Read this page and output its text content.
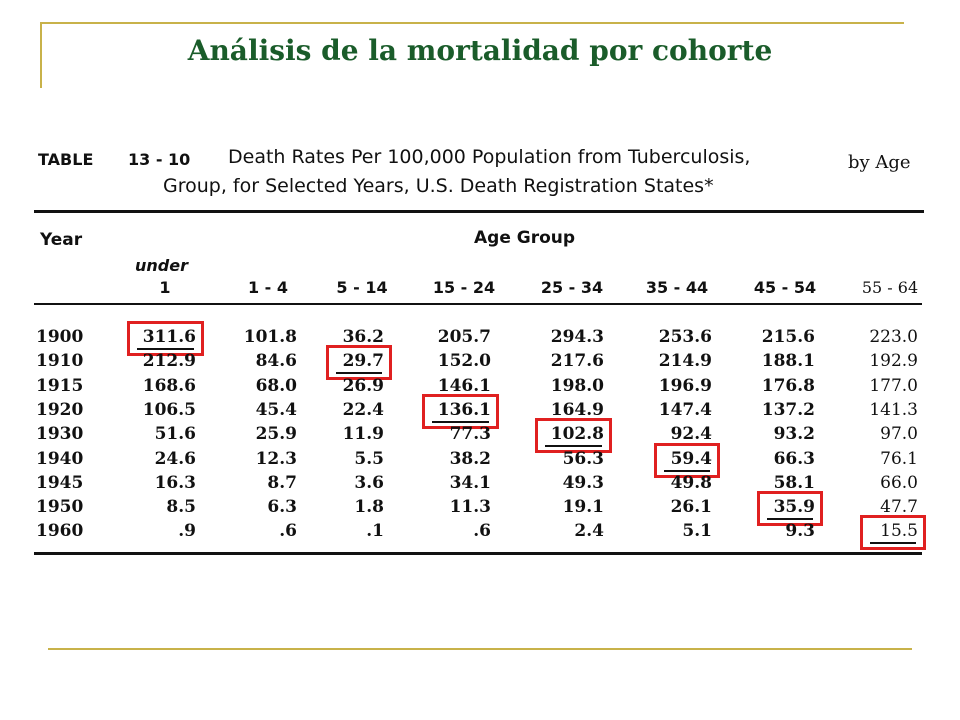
Análisis de la mortalidad por cohorte
TABLE 13 - 10 Death Rates Per 100,000 Population from Tuberculosis,	by Age
Group, for Selected Years, U.S. Death Registration States*
Year	Age Group
under
1	1 - 4	5 - 14	15 - 24	25 - 34	35 - 44	45 - 54	55 - 64
1900	311.6	101.8	36.2	205.7	294.3	253.6	215.6	223.0
1910	212.9	84.6	29.7	152.0	217.6	214.9	188.1	192.9
1915	168.6	68.0	26.9	146.1	198.0	196.9	176.8	177.0
1920	106.5	45.4	22.4	136.1	164.9	147.4	137.2	141.3
1930	51.6	25.9	11.9	77.3	102.8	92.4	93.2	97.0
1940	24.6	12.3	5.5	38.2	56.3	59.4	66.3	76.1
1945	16.3	8.7	3.6	34.1	49.3	49.8	58.1	66.0
1950	8.5	6.3	1.8	11.3	19.1	26.1	35.9	47.7
1960	.9	.6	.1	.6	2.4	5.1	9.3	15.5
